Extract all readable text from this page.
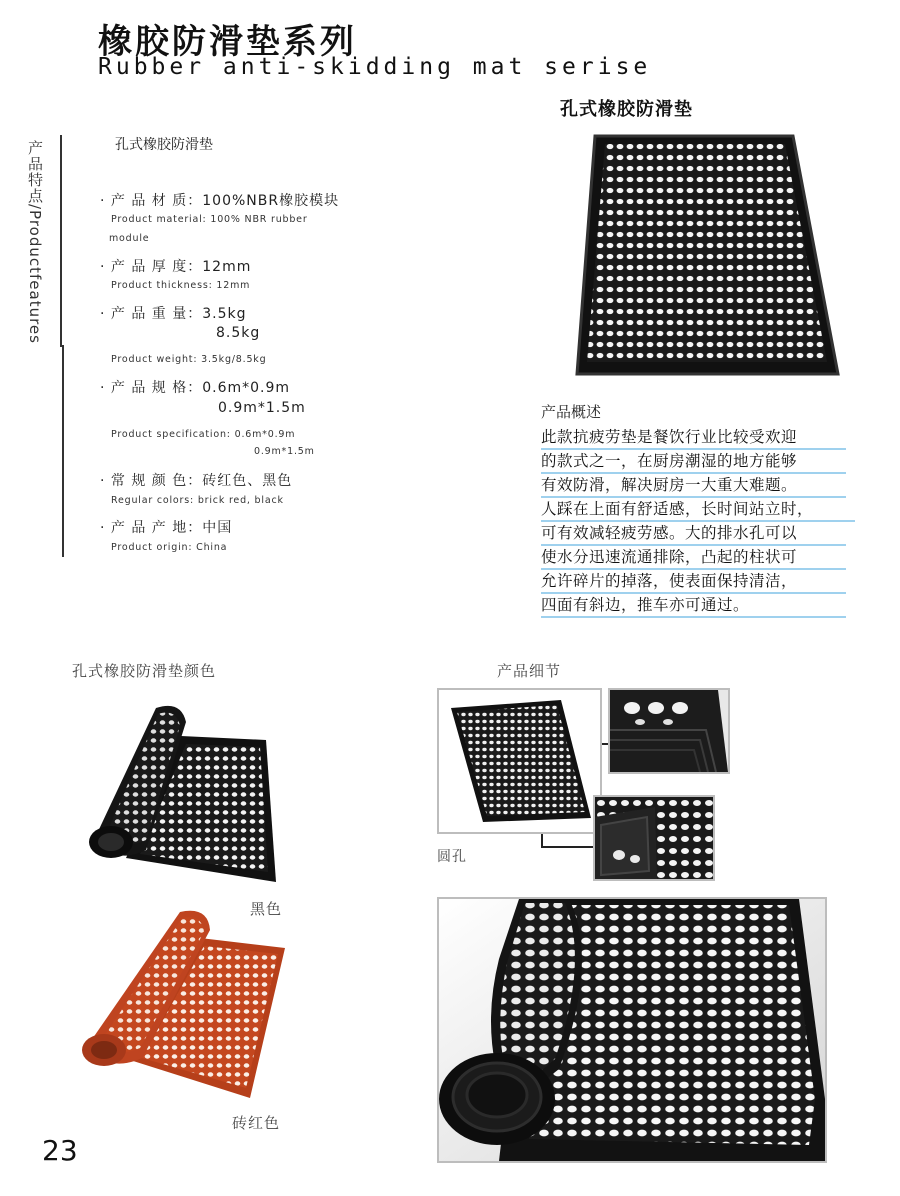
橡胶防滑垫系列
Rubber anti-skidding mat serise
产品特点/Productfeatures	孔式橡胶防滑垫
· 产 品 材 质：100%NBR橡胶模块
Product material: 100% NBR rubber
module
· 产 品 厚 度：12mm
Product thickness: 12mm
· 产 品 重 量：3.5kg
8.5kg
Product weight: 3.5kg/8.5kg
· 产 品 规 格：0.6m*0.9m
0.9m*1.5m
Product specification: 0.6m*0.9m
0.9m*1.5m
· 常 规 颜 色：砖红色、黑色
Regular colors: brick red, black
· 产 品 产 地：中国
Product origin: China
孔式橡胶防滑垫
产品概述
此款抗疲劳垫是餐饮行业比较受欢迎
的款式之一，在厨房潮湿的地方能够
有效防滑，解决厨房一大重大难题。
人踩在上面有舒适感，长时间站立时，
可有效减轻疲劳感。大的排水孔可以
使水分迅速流通排除，凸起的柱状可
允许碎片的掉落，使表面保持清洁，
四面有斜边，推车亦可通过。
孔式橡胶防滑垫颜色	产品细节
黑色
砖红色
圆孔
23
